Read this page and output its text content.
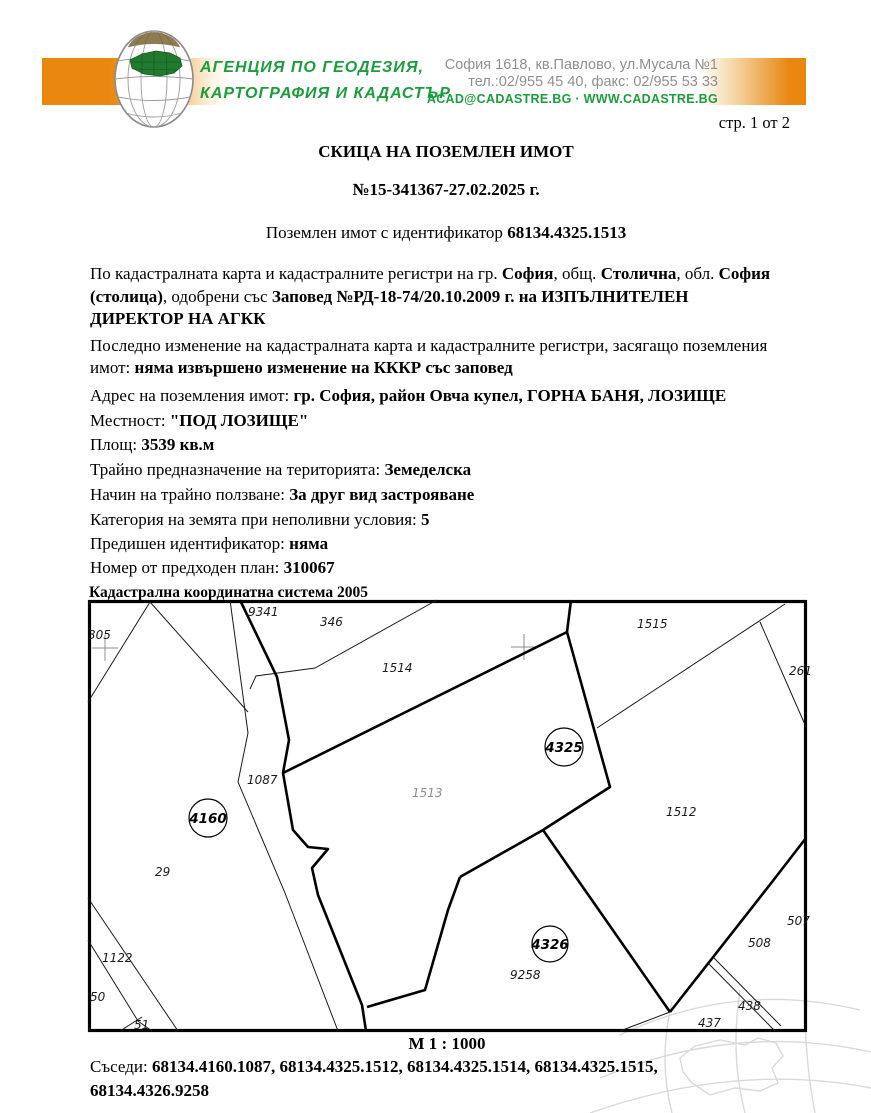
АГЕНЦИЯ ПО ГЕОДЕЗИЯ,
КАРТОГРАФИЯ И КАДАСТЪР
София 1618, кв.Павлово, ул.Мусала №1
тел.:02/955 45 40, факс: 02/955 53 33
ACAD@CADASTRE.BG · WWW.CADASTRE.BG
стр. 1 от 2
СКИЦА НА ПОЗЕМЛЕН ИМОТ
№15-341367-27.02.2025 г.
Поземлен имот с идентификатор 68134.4325.1513
По кадастралната карта и кадастралните регистри на гр. София, общ. Столична, обл. София
(столица), одобрени със Заповед №РД-18-74/20.10.2009 г. на ИЗПЪЛНИТЕЛЕН
ДИРЕКТОР НА АГКК
Последно изменение на кадастралната карта и кадастралните регистри, засягащо поземления
имот: няма извършено изменение на КККР със заповед
Адрес на поземления имот: гр. София, район Овча купел, ГОРНА БАНЯ, ЛОЗИЩЕ
Местност: "ПОД ЛОЗИЩЕ"
Площ: 3539 кв.м
Трайно предназначение на територията: Земеделска
Начин на трайно ползване: За друг вид застрояване
Категория на земята при неполивни условия: 5
Предишен идентификатор: няма
Номер от предходен план: 310067
Кадастрална координатна система 2005
305
9341
346
1514
1515
261
1087
1513
1512
29
1122
50
51
9258
508
507
438
437
4160
4325
4326
М 1 : 1000
Съседи: 68134.4160.1087, 68134.4325.1512, 68134.4325.1514, 68134.4325.1515, 68134.4326.9258
